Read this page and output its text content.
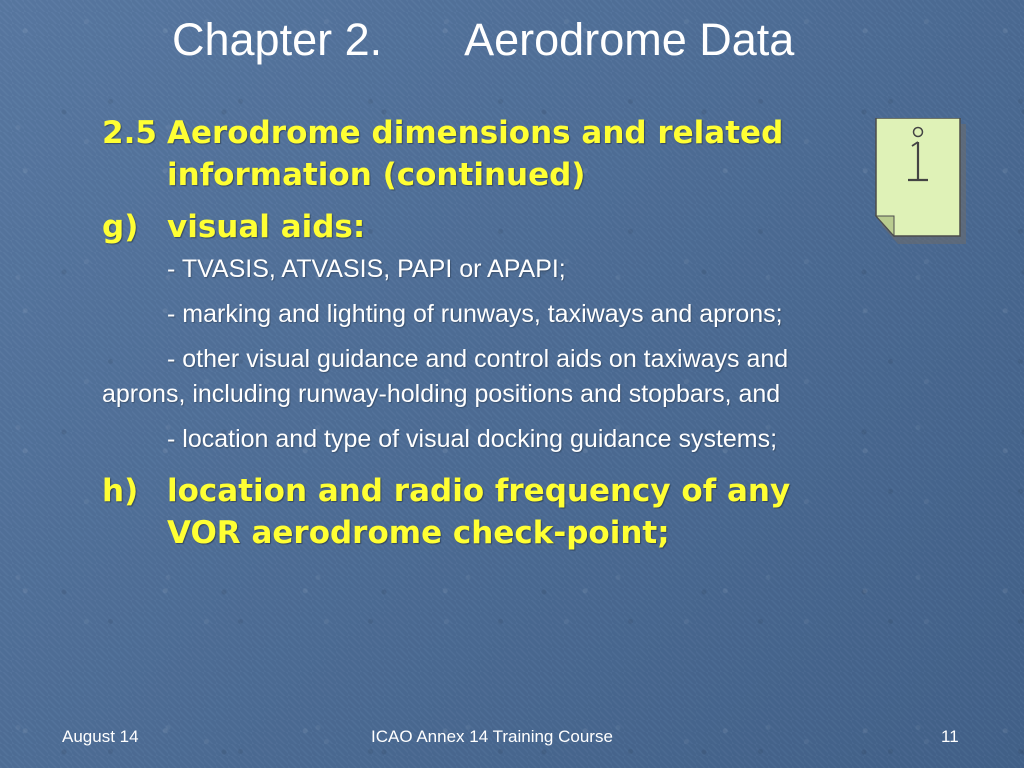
Chapter 2. Aerodrome Data
2.5 Aerodrome dimensions and related information (continued)
g) visual aids:
- TVASIS, ATVASIS, PAPI or APAPI;
- marking and lighting of runways, taxiways and aprons;
- other visual guidance and control aids on taxiways and
aprons, including runway-holding positions and stopbars, and
- location and type of visual docking guidance systems;
h) location and radio frequency of any VOR aerodrome check-point;
August 14	ICAO Annex 14 Training Course	11
